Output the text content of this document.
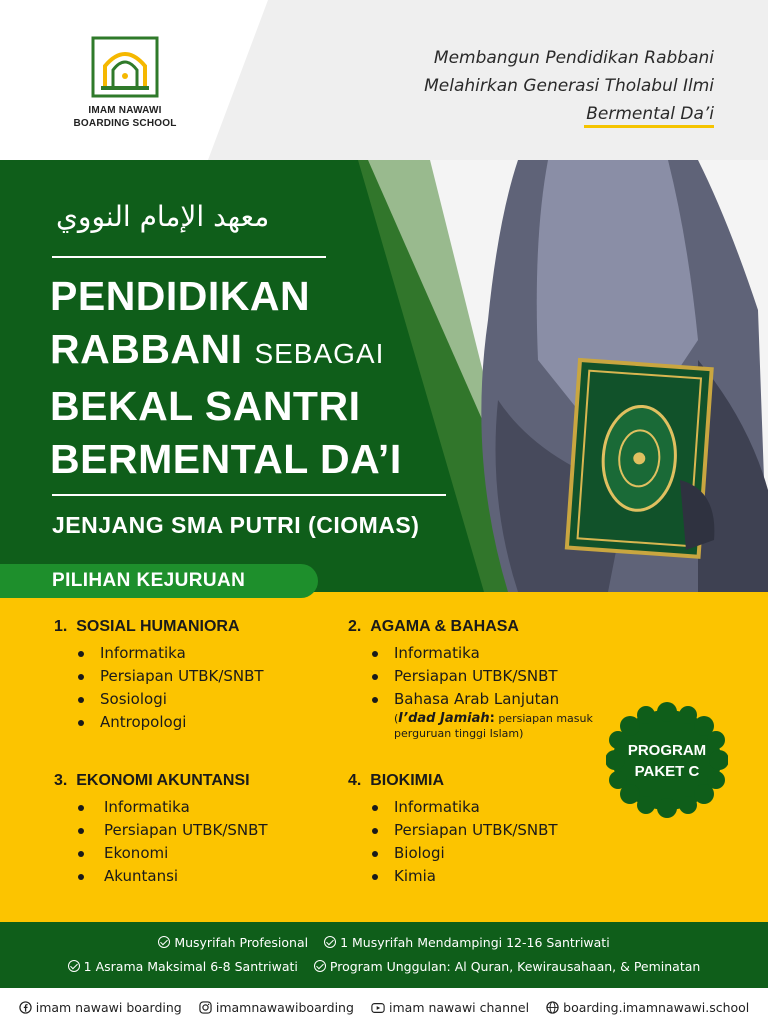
IMAM NAWAWI
BOARDING SCHOOL
Membangun Pendidikan Rabbani
Melahirkan Generasi Tholabul Ilmi
Bermental Da’i
معهد الإمام النووي
PENDIDIKAN
RABBANI SEBAGAI
BEKAL SANTRI
BERMENTAL DA’I
JENJANG SMA PUTRI (CIOMAS)
PILIHAN KEJURUAN
1. SOSIAL HUMANIORA
Informatika
Persiapan UTBK/SNBT
Sosiologi
Antropologi
2. AGAMA & BAHASA
Informatika
Persiapan UTBK/SNBT
Bahasa Arab Lanjutan
(I’dad Jamiah: persiapan masuk perguruan tinggi Islam)
3. EKONOMI AKUNTANSI
Informatika
Persiapan UTBK/SNBT
Ekonomi
Akuntansi
4. BIOKIMIA
Informatika
Persiapan UTBK/SNBT
Biologi
Kimia
PROGRAM
PAKET C
Musyrifah Profesional	1 Musyrifah Mendampingi 12-16 Santriwati
1 Asrama Maksimal 6-8 Santriwati	Program Unggulan: Al Quran, Kewirausahaan, & Peminatan
imam nawawi boarding	imamnawawiboarding	imam nawawi channel	boarding.imamnawawi.school
